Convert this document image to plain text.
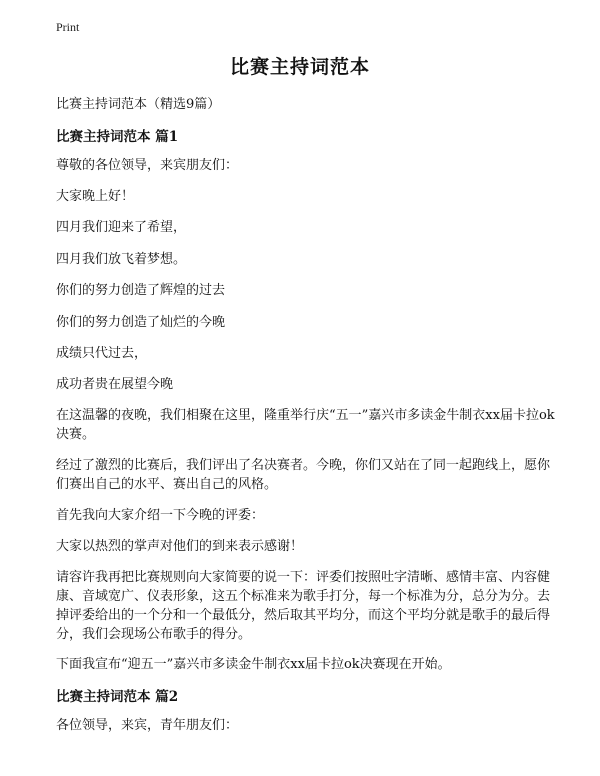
Print
比赛主持词范本
比赛主持词范本（精选9篇）
比赛主持词范本 篇1
尊敬的各位领导，来宾朋友们：
大家晚上好！
四月我们迎来了希望，
四月我们放飞着梦想。
你们的努力创造了辉煌的过去
你们的努力创造了灿烂的今晚
成绩只代过去，
成功者贵在展望今晚
在这温馨的夜晚，我们相聚在这里，隆重举行庆“五一”嘉兴市多读金牛制衣xx届卡拉ok决赛。
经过了激烈的比赛后，我们评出了名决赛者。今晚，你们又站在了同一起跑线上，愿你们赛出自己的水平、赛出自己的风格。
首先我向大家介绍一下今晚的评委：
大家以热烈的掌声对他们的到来表示感谢！
请容许我再把比赛规则向大家简要的说一下：评委们按照吐字清晰、感情丰富、内容健康、音域宽广、仪表形象，这五个标准来为歌手打分，每一个标准为分，总分为分。去掉评委给出的一个分和一个最低分，然后取其平均分，而这个平均分就是歌手的最后得分，我们会现场公布歌手的得分。
下面我宣布“迎五一”嘉兴市多读金牛制衣xx届卡拉ok决赛现在开始。
比赛主持词范本 篇2
各位领导，来宾，青年朋友们：
